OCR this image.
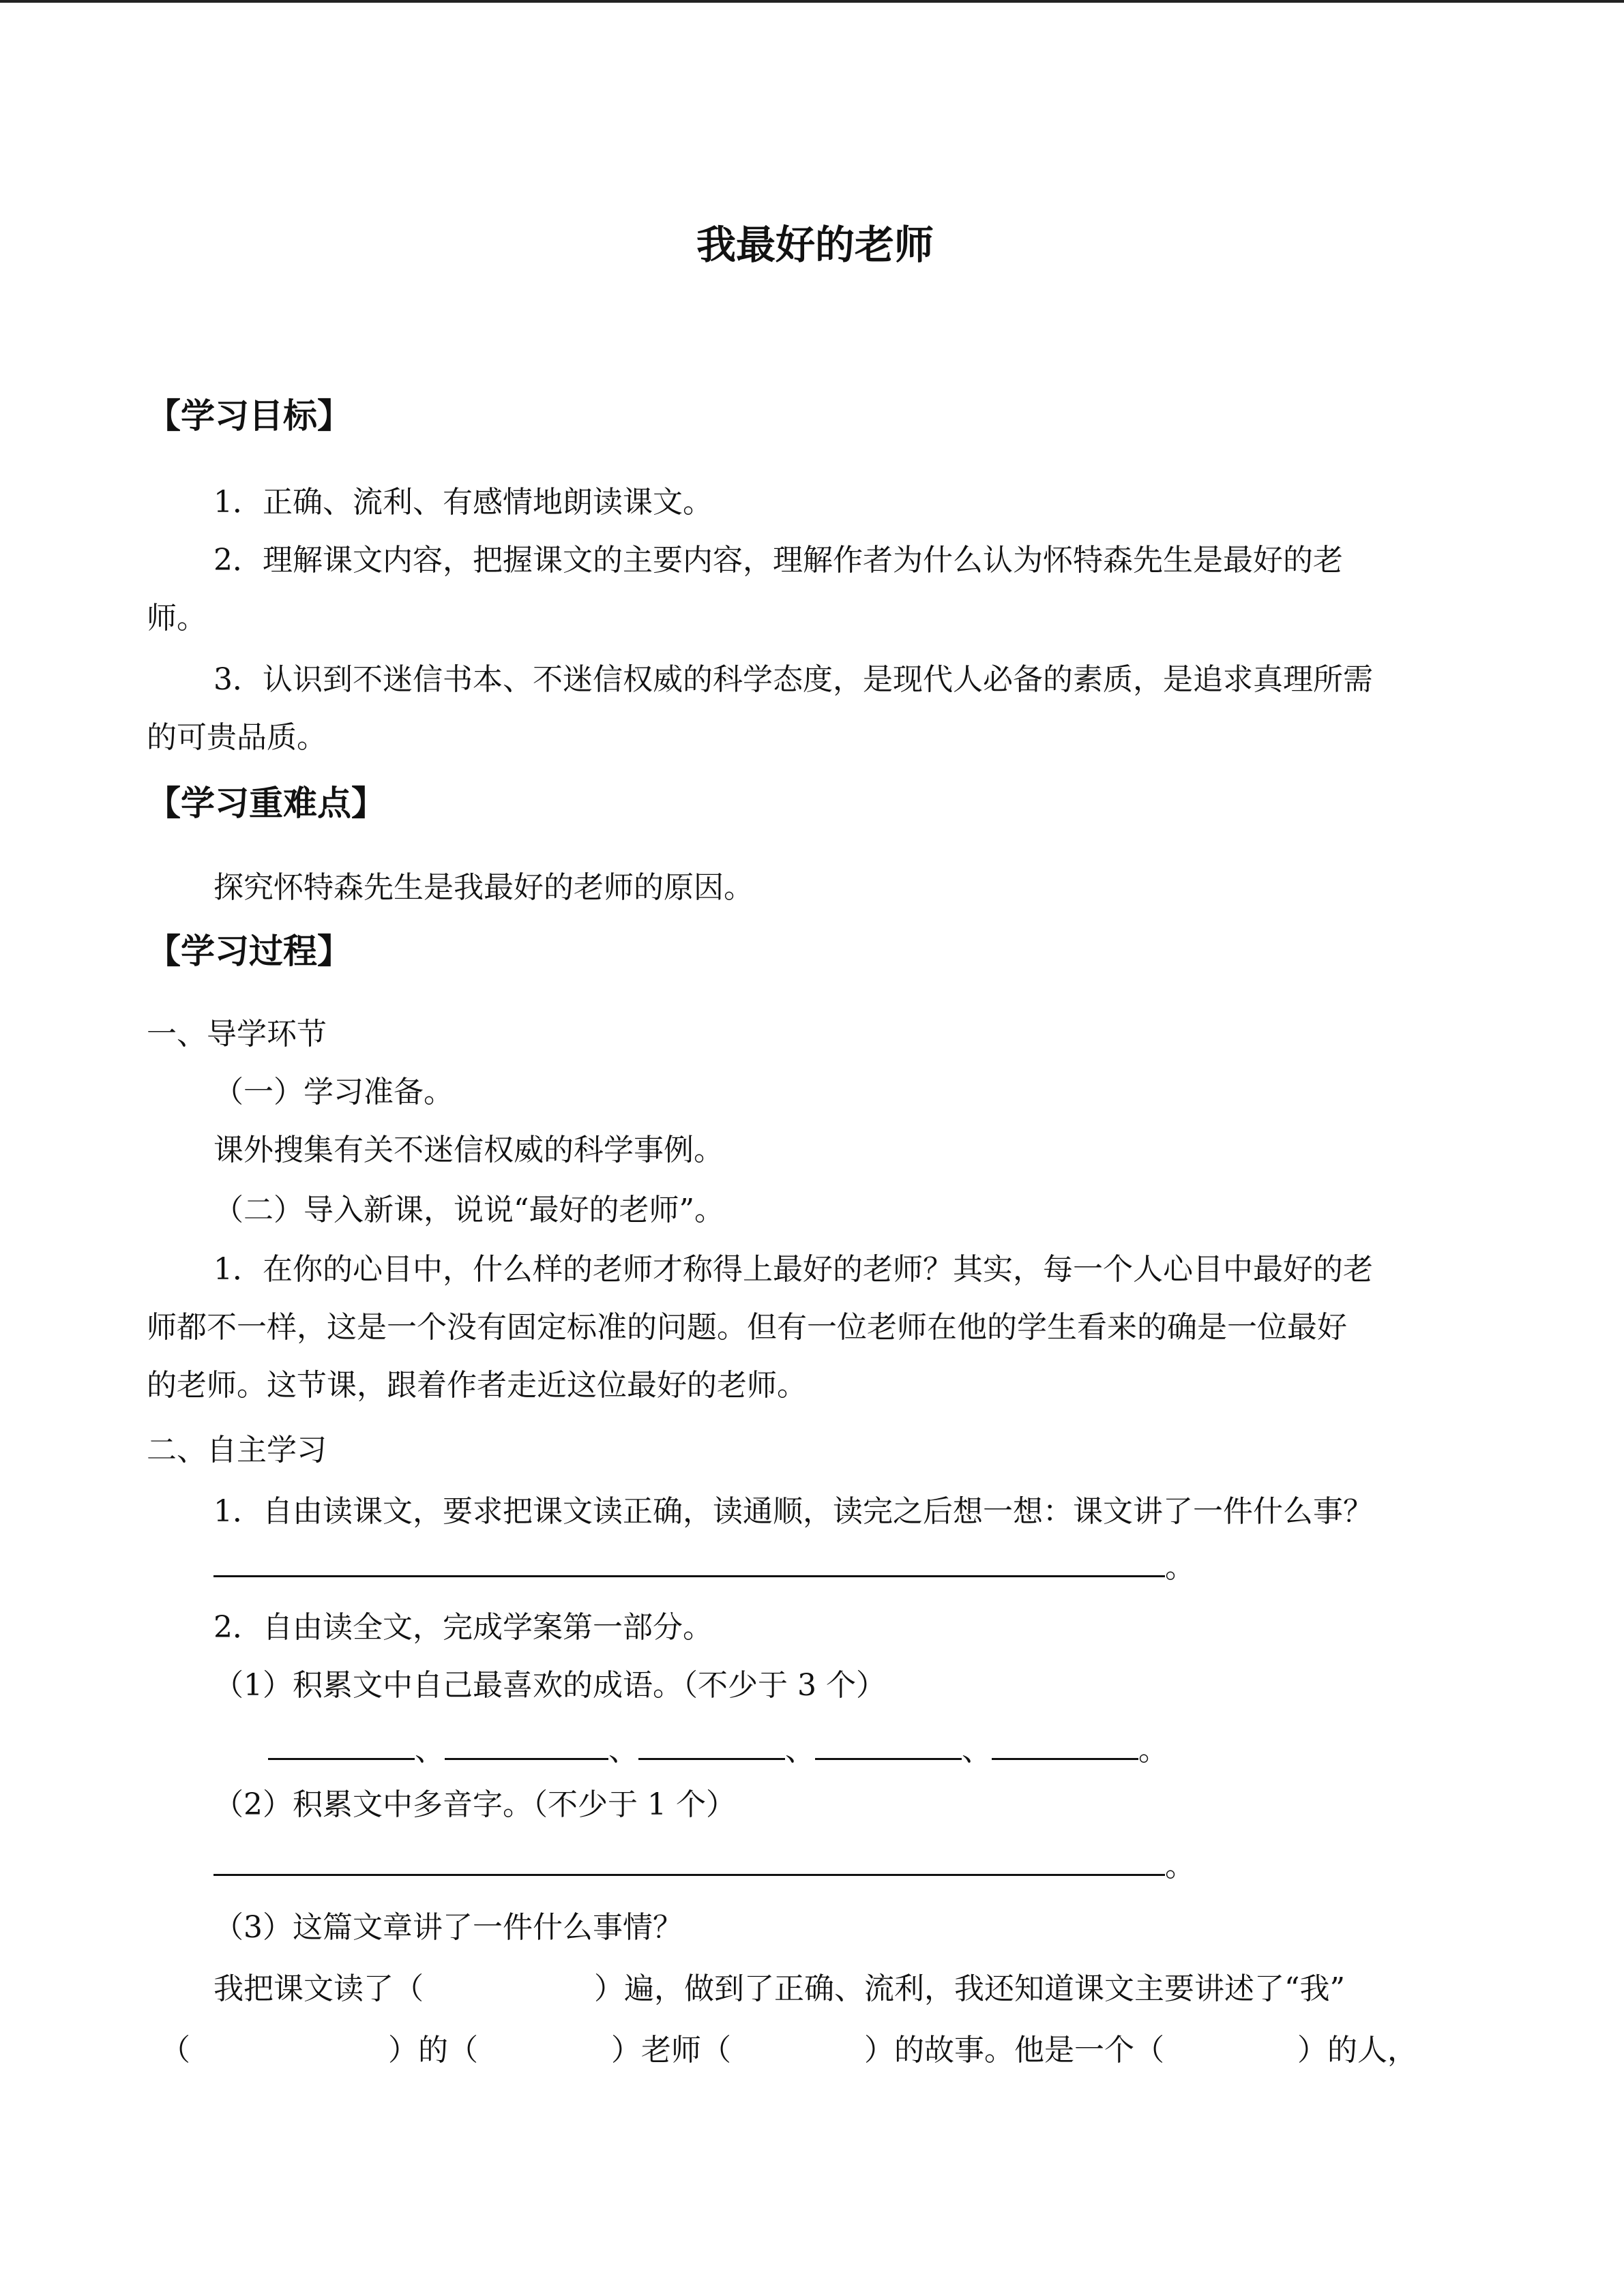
我最好的老师
【学习目标】
1．正确、流利、有感情地朗读课文。
2．理解课文内容，把握课文的主要内容，理解作者为什么认为怀特森先生是最好的老
师。
3．认识到不迷信书本、不迷信权威的科学态度，是现代人必备的素质，是追求真理所需
的可贵品质。
【学习重难点】
探究怀特森先生是我最好的老师的原因。
【学习过程】
一、导学环节
（一）学习准备。
课外搜集有关不迷信权威的科学事例。
（二）导入新课，说说“最好的老师”。
1．在你的心目中，什么样的老师才称得上最好的老师？其实，每一个人心目中最好的老
师都不一样，这是一个没有固定标准的问题。但有一位老师在他的学生看来的确是一位最好
的老师。这节课，跟着作者走近这位最好的老师。
二、自主学习
1．自由读课文，要求把课文读正确，读通顺，读完之后想一想：课文讲了一件什么事？
。
2．自由读全文，完成学案第一部分。
（1）积累文中自己最喜欢的成语。（不少于 3 个）
、	、	、	、	。
（2）积累文中多音字。（不少于 1 个）
。
（3）这篇文章讲了一件什么事情？
我把课文读了（	）遍，做到了正确、流利，我还知道课文主要讲述了“我”
（	）的（	）老师（	）的故事。他是一个（	）的人，
